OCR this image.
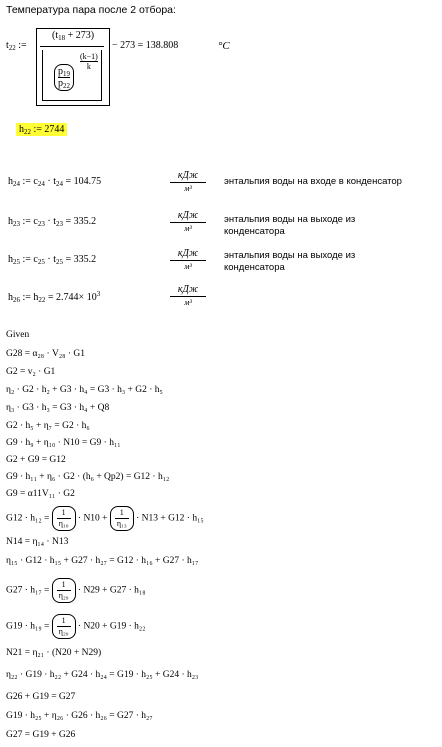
Температура пара после 2 отбора:
$t_{22}$ :=
$(t_{18} + 273)$
$p_{19}$
$p_{22}$
(k−1)
k
− 273 = 138.808	°C
$h_{22}$ := 2744
$h_{24}$ := $c_{24} \cdot t_{24} = 104.75$
кДж
м³
энтальпия воды на входе в конденсатор
$h_{23}$ := $c_{23} \cdot t_{23} = 335.2$
кДж
м³
энтальпия воды на выходе из конденсатора
$h_{25}$ := $c_{25} \cdot t_{25} = 335.2$
кДж
м³
энтальпия воды на выходе из конденсатора
$h_{26}$ := $h_{22} = 2.744\times 10^3$	кДж
м³
Given
G28 = α₂₈ · V₂₈ · G1
G2 = v₂ · G1
η₂ · G2 · h₂ + G3 · h₄ = G3 · h₃ + G2 · h₅
η₃ · G3 · h₃ = G3 · h₄ + Q8
G2 · h₅ + η₇ = G2 · h₆
G9 · h₉ + η₁₀ · N10 = G9 · h₁₁
G2 + G9 = G12
G9 · h₁₁ + η₆ · G2 · (h₆ + Qp2) = G12 · h₁₂
G9 = α11V₁₁ · G2
$G12 \cdot h_{12} = \frac{1}{\text{η₁₀}} \cdot N10 + \frac{1}{\text{η₁₃}} \cdot N13 + G12 \cdot h_{15}$
N14 = η₁₄ · N13
η₁₅ · G12 · h₁₅ + G27 · h₂₇ = G12 · h₁₆ + G27 · h₁₇
$G27 \cdot h_{17} = \frac{1}{\text{η₂₉}} \cdot N29 + G27 \cdot h_{18}$
$G19 \cdot h_{19} = \frac{1}{\text{η₂₀}} \cdot N20 + G19 \cdot h_{22}$
N21 = η₂₁ · (N20 + N29)
η₂₂ · G19 · h₂₂ + G24 · h₂₄ = G19 · h₂₅ + G24 · h₂₃
G26 + G19 = G27
G19 · h₂₅ + η₂₆ · G26 · h₂₆ = G27 · h₂₇
G27 = G19 + G26
